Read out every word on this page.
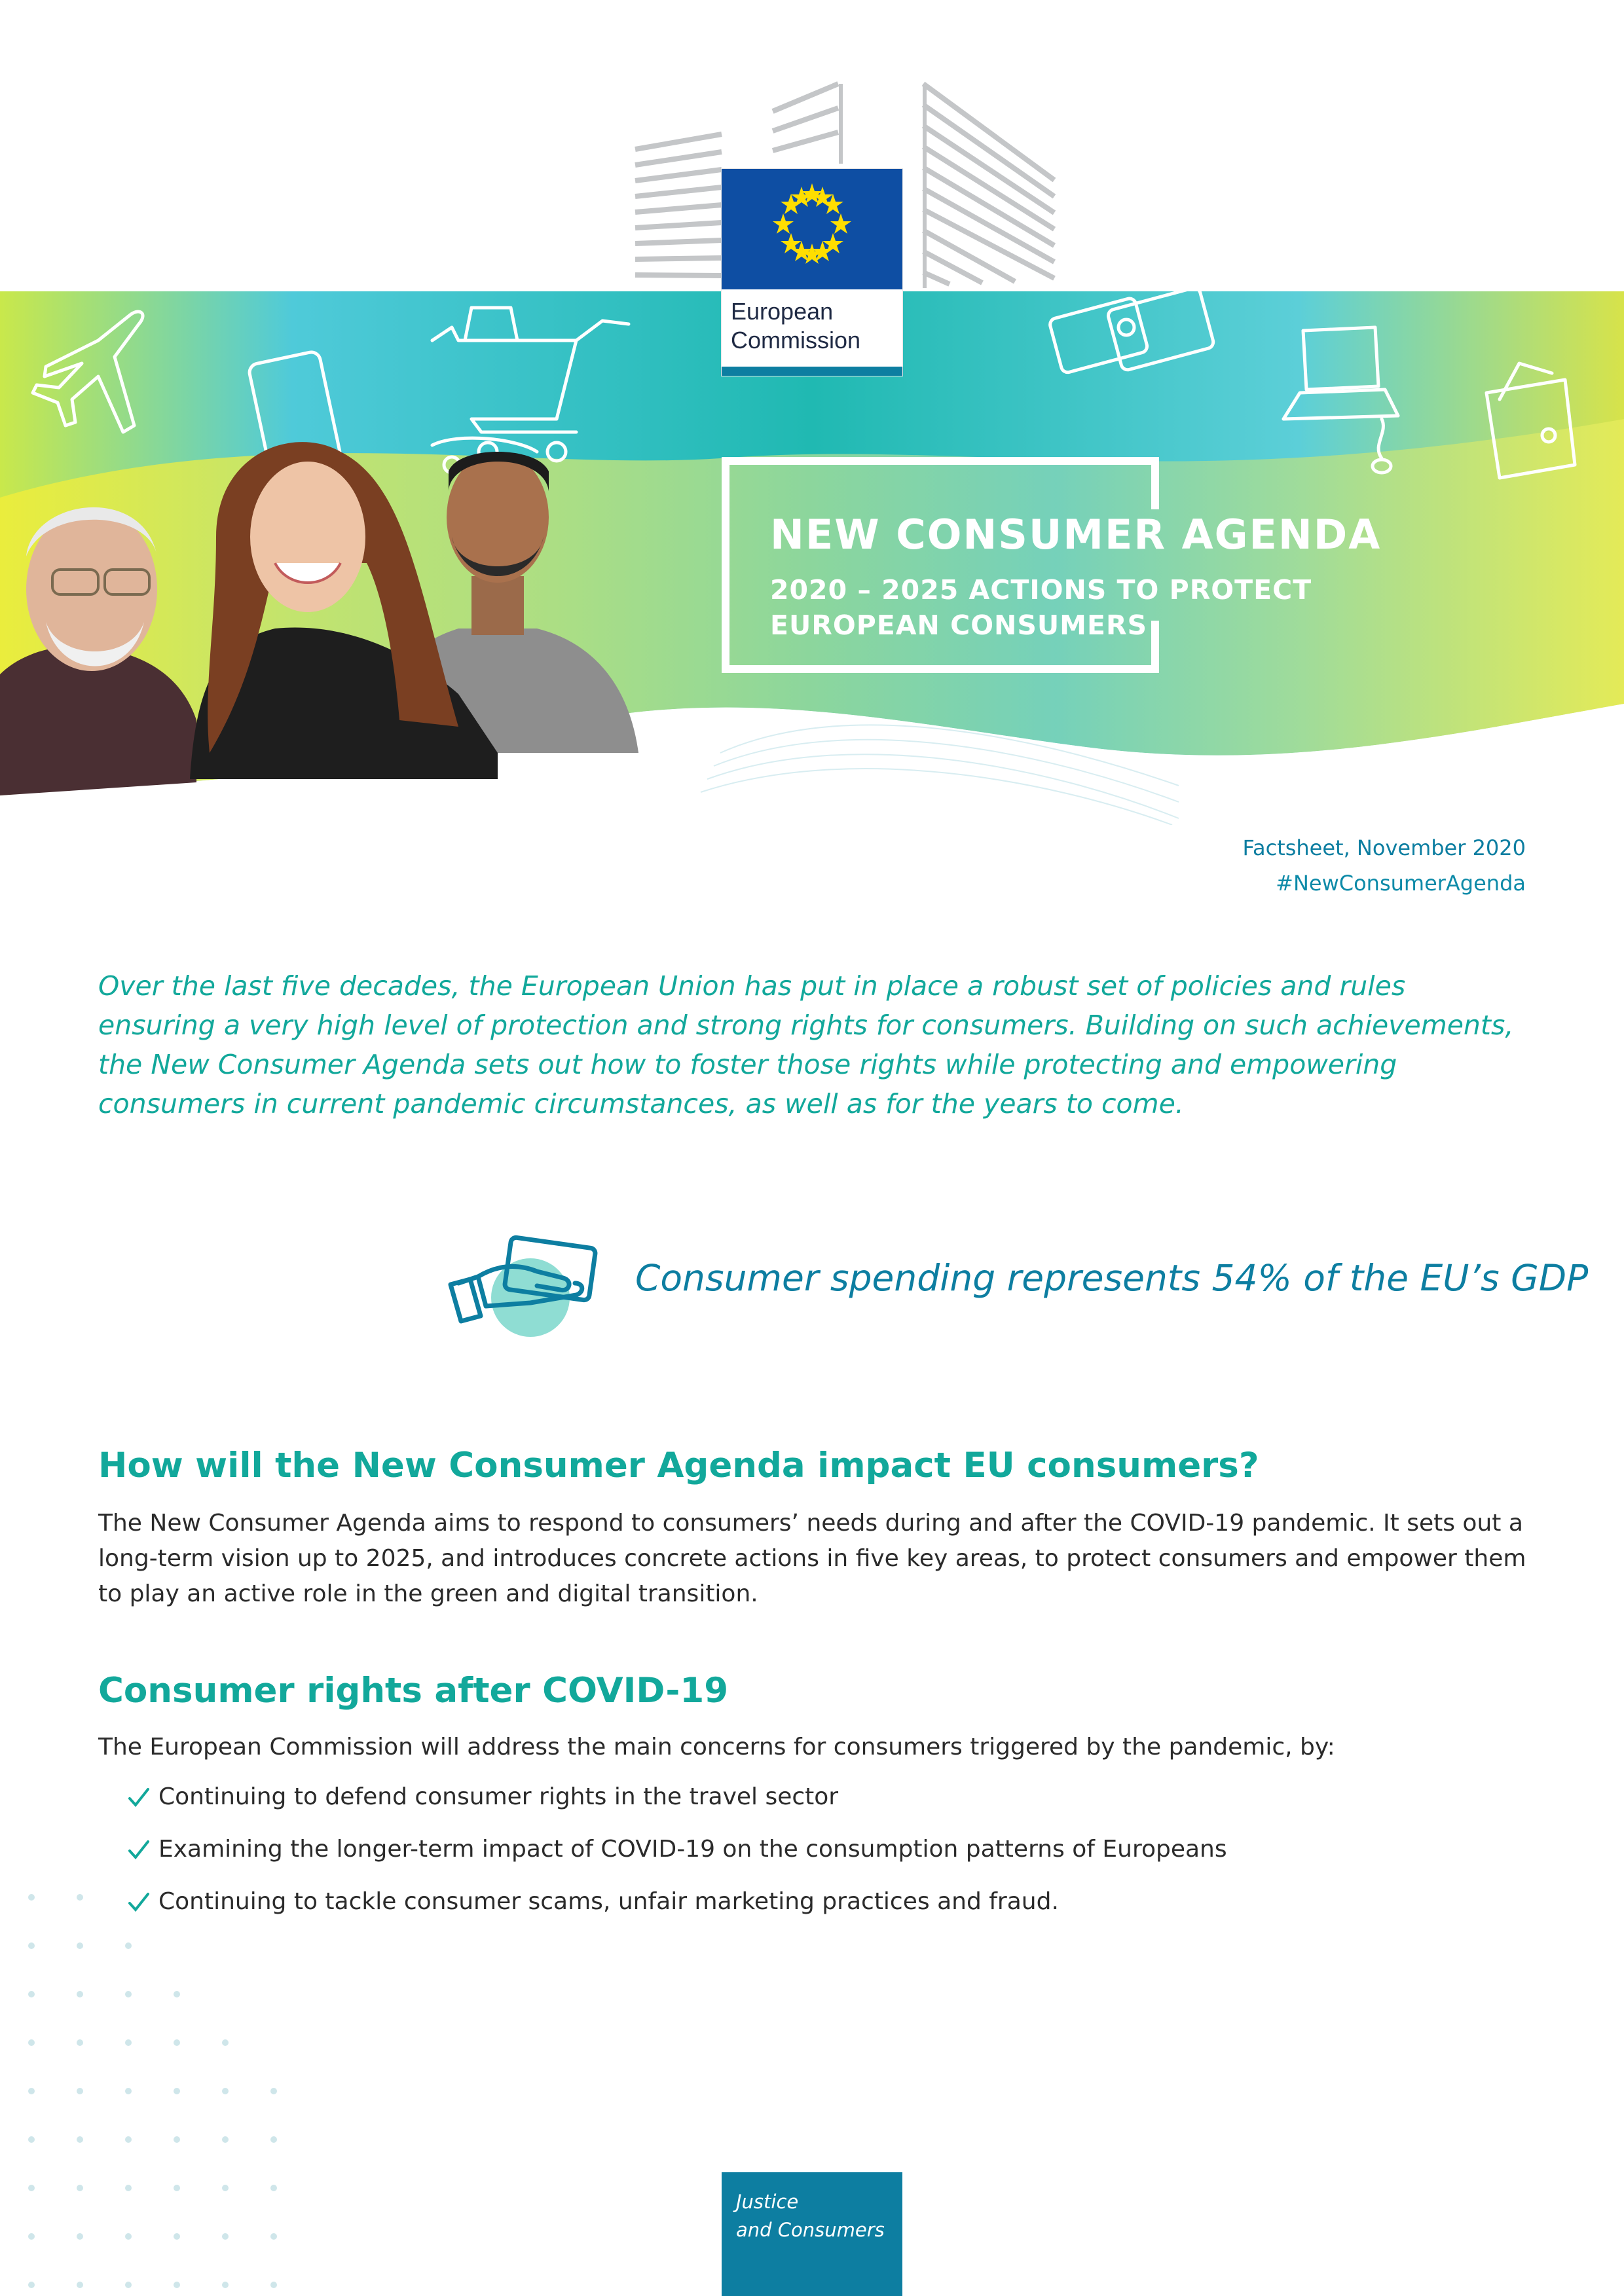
European
Commission
NEW CONSUMER AGENDA
2020 – 2025 ACTIONS TO PROTECT
EUROPEAN CONSUMERS
Factsheet, November 2020
#NewConsumerAgenda
Over the last five decades, the European Union has put in place a robust set of policies and rules ensuring a very high level of protection and strong rights for consumers. Building on such achievements, the New Consumer Agenda sets out how to foster those rights while protecting and empowering consumers in current pandemic circumstances, as well as for the years to come.
Consumer spending represents 54% of the EU’s GDP
How will the New Consumer Agenda impact EU consumers?
The New Consumer Agenda aims to respond to consumers’ needs during and after the COVID-19 pandemic. It sets out a long-term vision up to 2025, and introduces concrete actions in five key areas, to protect consumers and empower them to play an active role in the green and digital transition.
Consumer rights after COVID-19
The European Commission will address the main concerns for consumers triggered by the pandemic, by:
Continuing to defend consumer rights in the travel sector
Examining the longer-term impact of COVID-19 on the consumption patterns of Europeans
Continuing to tackle consumer scams, unfair marketing practices and fraud.
Justice
and Consumers
